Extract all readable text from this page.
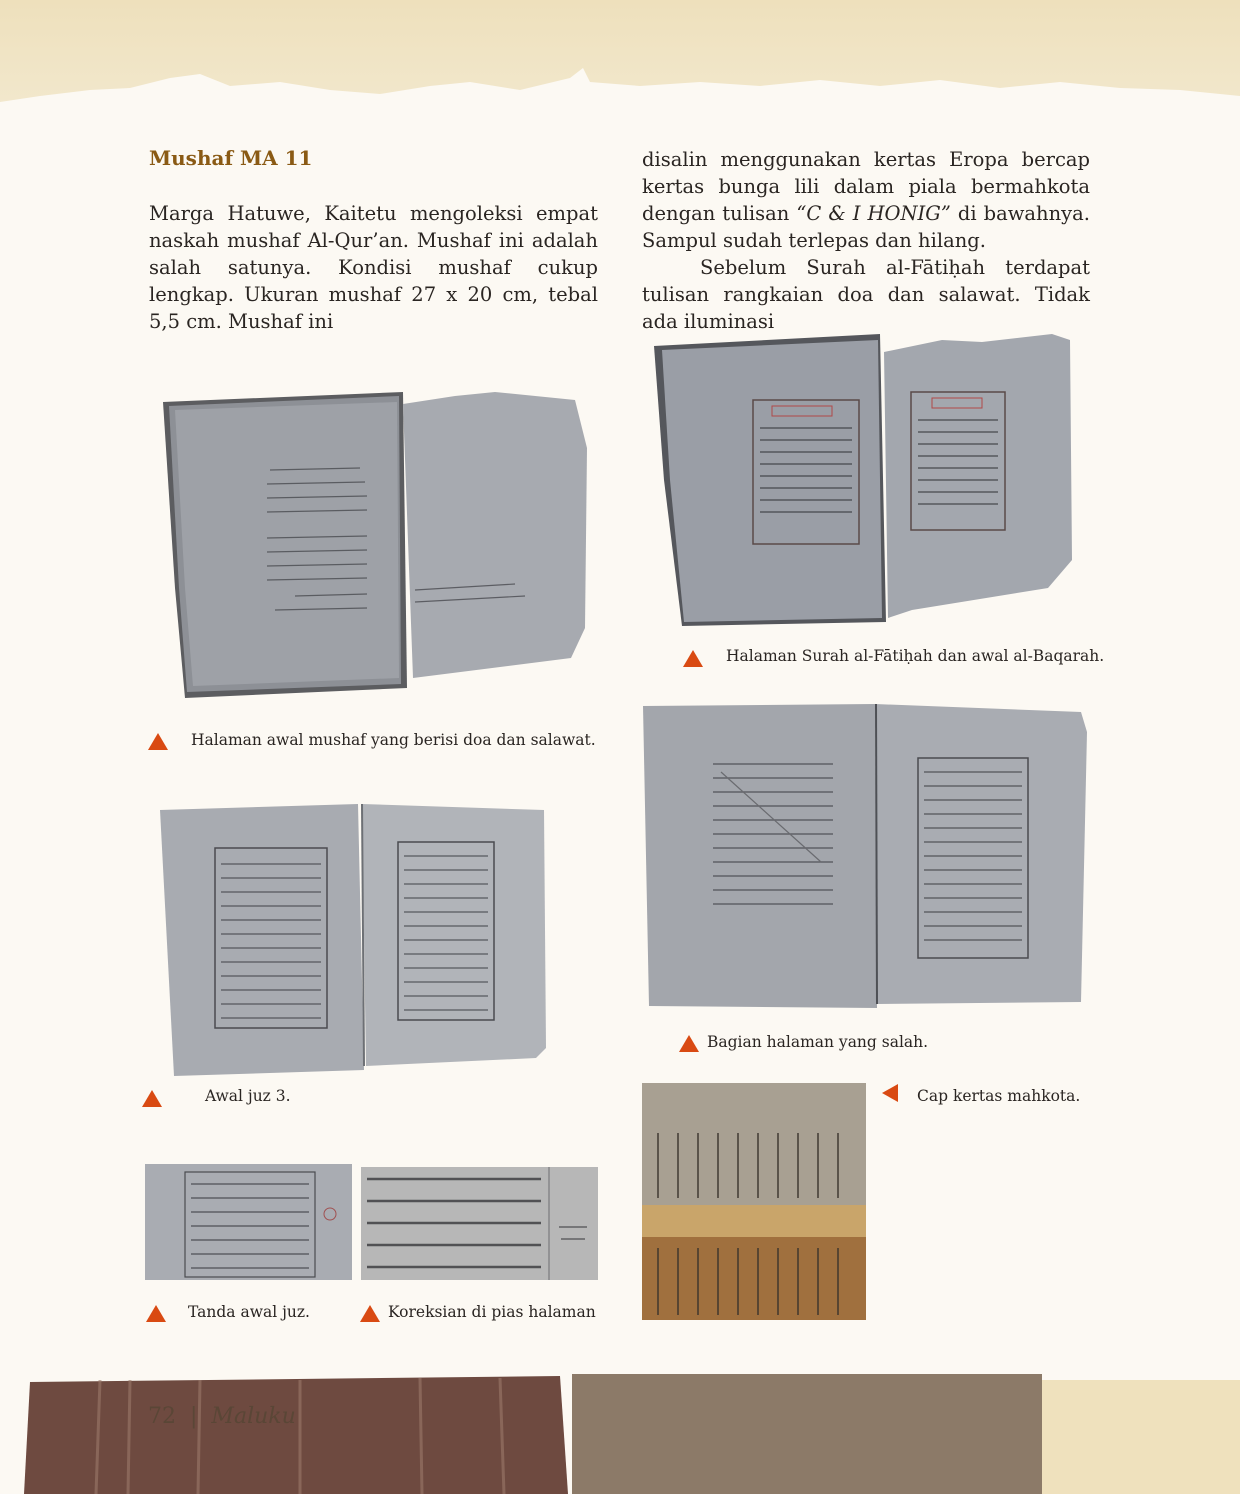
Mushaf MA 11

Marga Hatuwe, Kaitetu mengoleksi empat naskah mushaf Al-Qur’an. Mushaf ini adalah salah satunya. Kondisi mushaf cukup lengkap. Ukuran mushaf 27 x 20 cm, tebal 5,5 cm. Mushaf ini

disalin menggunakan kertas Eropa bercap kertas bunga lili dalam piala bermahkota dengan tulisan “C & I HONIG” di bawahnya. Sampul sudah terlepas dan hilang.

Sebelum Surah al-Fātiḥah terdapat tulisan rangkaian doa dan salawat. Tidak ada iluminasi

Halaman awal mushaf yang berisi doa dan salawat.
Halaman Surah al-Fātiḥah dan awal al-Baqarah.
Awal juz 3.
Bagian halaman yang salah.
Cap kertas mahkota.
Tanda awal juz.	Koreksian di pias halaman
72 | Maluku
